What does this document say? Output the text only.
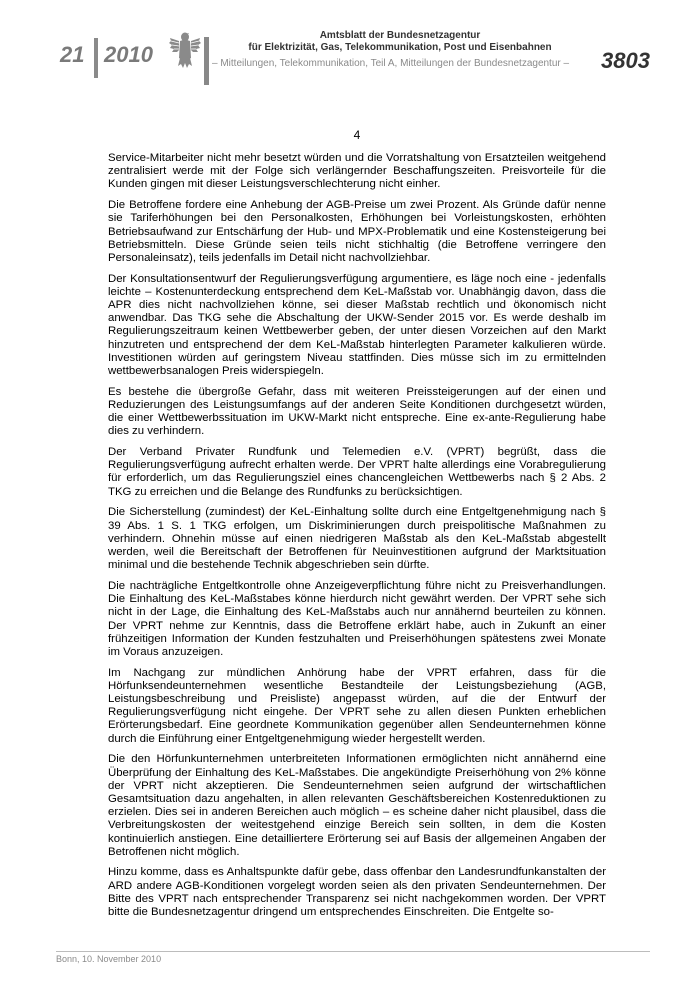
21 2010
Amtsblatt der Bundesnetzagentur
für Elektrizität, Gas, Telekommunikation, Post und Eisenbahnen
– Mitteilungen, Telekommunikation, Teil A, Mitteilungen der Bundesnetzagentur – 3803
4

Service-Mitarbeiter nicht mehr besetzt würden und die Vorratshaltung von Ersatzteilen weitgehend zentralisiert werde mit der Folge sich verlängernder Beschaffungszeiten. Preisvorteile für die Kunden gingen mit dieser Leistungsverschlechterung nicht einher.

Die Betroffene fordere eine Anhebung der AGB-Preise um zwei Prozent. Als Gründe dafür nenne sie Tariferhöhungen bei den Personalkosten, Erhöhungen bei Vorleistungskosten, erhöhten Betriebsaufwand zur Entschärfung der Hub- und MPX-Problematik und eine Kostensteigerung bei Betriebsmitteln. Diese Gründe seien teils nicht stichhaltig (die Betroffene verringere den Personaleinsatz), teils jedenfalls im Detail nicht nachvollziehbar.

Der Konsultationsentwurf der Regulierungsverfügung argumentiere, es läge noch eine - jedenfalls leichte – Kostenunterdeckung entsprechend dem KeL-Maßstab vor. Unabhängig davon, dass die APR dies nicht nachvollziehen könne, sei dieser Maßstab rechtlich und ökonomisch nicht anwendbar. Das TKG sehe die Abschaltung der UKW-Sender 2015 vor. Es werde deshalb im Regulierungszeitraum keinen Wettbewerber geben, der unter diesen Vorzeichen auf den Markt hinzutreten und entsprechend der dem KeL-Maßstab hinterlegten Parameter kalkulieren würde. Investitionen würden auf geringstem Niveau stattfinden. Dies müsse sich im zu ermittelnden wettbewerbsanalogen Preis widerspiegeln.

Es bestehe die übergroße Gefahr, dass mit weiteren Preissteigerungen auf der einen und Reduzierungen des Leistungsumfangs auf der anderen Seite Konditionen durchgesetzt würden, die einer Wettbewerbssituation im UKW-Markt nicht entspreche. Eine ex-ante-Regulierung habe dies zu verhindern.

Der Verband Privater Rundfunk und Telemedien e.V. (VPRT) begrüßt, dass die Regulierungsverfügung aufrecht erhalten werde. Der VPRT halte allerdings eine Vorabregulierung für erforderlich, um das Regulierungsziel eines chancengleichen Wettbewerbs nach § 2 Abs. 2 TKG zu erreichen und die Belange des Rundfunks zu berücksichtigen.

Die Sicherstellung (zumindest) der KeL-Einhaltung sollte durch eine Entgeltgenehmigung nach § 39 Abs. 1 S. 1 TKG erfolgen, um Diskriminierungen durch preispolitische Maßnahmen zu verhindern. Ohnehin müsse auf einen niedrigeren Maßstab als den KeL-Maßstab abgestellt werden, weil die Bereitschaft der Betroffenen für Neuinvestitionen aufgrund der Marktsituation minimal und die bestehende Technik abgeschrieben sein dürfte.

Die nachträgliche Entgeltkontrolle ohne Anzeigeverpflichtung führe nicht zu Preisverhandlungen. Die Einhaltung des KeL-Maßstabes könne hierdurch nicht gewährt werden. Der VPRT sehe sich nicht in der Lage, die Einhaltung des KeL-Maßstabs auch nur annähernd beurteilen zu können. Der VPRT nehme zur Kenntnis, dass die Betroffene erklärt habe, auch in Zukunft an einer frühzeitigen Information der Kunden festzuhalten und Preiserhöhungen spätestens zwei Monate im Voraus anzuzeigen.

Im Nachgang zur mündlichen Anhörung habe der VPRT erfahren, dass für die Hörfunksendeunternehmen wesentliche Bestandteile der Leistungsbeziehung (AGB, Leistungsbeschreibung und Preisliste) angepasst würden, auf die der Entwurf der Regulierungsverfügung nicht eingehe. Der VPRT sehe zu allen diesen Punkten erheblichen Erörterungsbedarf. Eine geordnete Kommunikation gegenüber allen Sendeunternehmen könne durch die Einführung einer Entgeltgenehmigung wieder hergestellt werden.

Die den Hörfunkunternehmen unterbreiteten Informationen ermöglichten nicht annähernd eine Überprüfung der Einhaltung des KeL-Maßstabes. Die angekündigte Preiserhöhung von 2% könne der VPRT nicht akzeptieren. Die Sendeunternehmen seien aufgrund der wirtschaftlichen Gesamtsituation dazu angehalten, in allen relevanten Geschäftsbereichen Kostenreduktionen zu erzielen. Dies sei in anderen Bereichen auch möglich – es scheine daher nicht plausibel, dass die Verbreitungskosten der weitestgehend einzige Bereich sein sollten, in dem die Kosten kontinuierlich anstiegen. Eine detailliertere Erörterung sei auf Basis der allgemeinen Angaben der Betroffenen nicht möglich.

Hinzu komme, dass es Anhaltspunkte dafür gebe, dass offenbar den Landesrundfunkanstalten der ARD andere AGB-Konditionen vorgelegt worden seien als den privaten Sendeunternehmen. Der Bitte des VPRT nach entsprechender Transparenz sei nicht nachgekommen worden. Der VPRT bitte die Bundesnetzagentur dringend um entsprechendes Einschreiten. Die Entgelte so-

Bonn, 10. November 2010
